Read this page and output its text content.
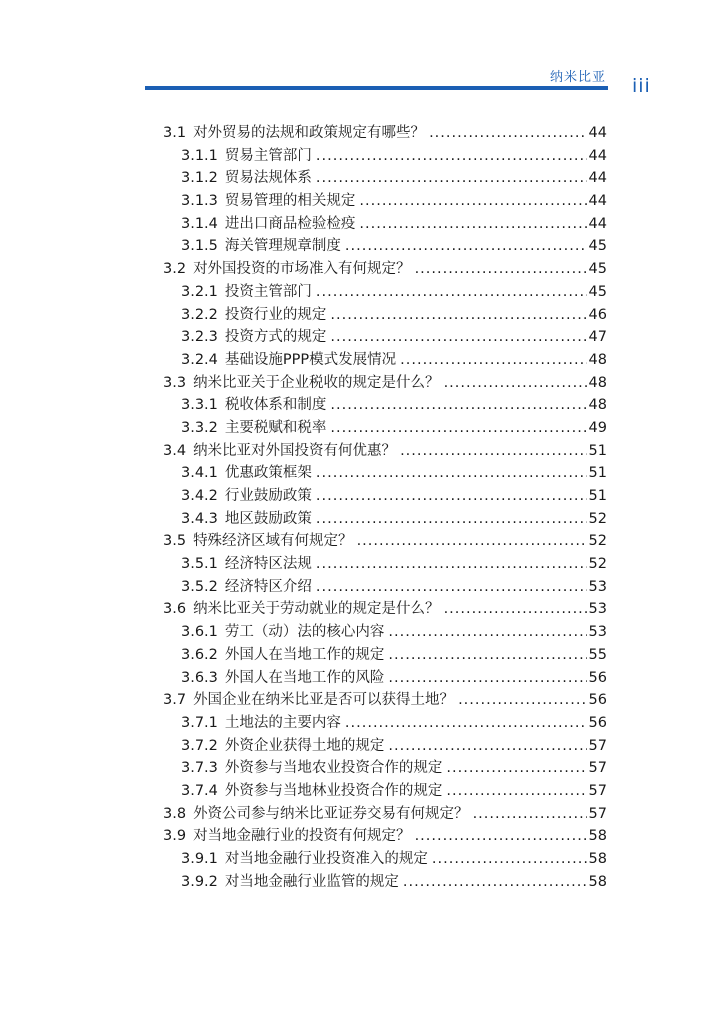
纳米比亚 iii
3.1 对外贸易的法规和政策规定有哪些？ .....	44
3.1.1 贸易主管部门 .....	44
3.1.2 贸易法规体系 .....	44
3.1.3 贸易管理的相关规定 .....	44
3.1.4 进出口商品检验检疫 .....	44
3.1.5 海关管理规章制度 .....	45
3.2 对外国投资的市场准入有何规定？ .....	45
3.2.1 投资主管部门 .....	45
3.2.2 投资行业的规定 .....	46
3.2.3 投资方式的规定 .....	47
3.2.4 基础设施PPP模式发展情况 .....	48
3.3 纳米比亚关于企业税收的规定是什么？ .....	48
3.3.1 税收体系和制度 .....	48
3.3.2 主要税赋和税率 .....	49
3.4 纳米比亚对外国投资有何优惠？ .....	51
3.4.1 优惠政策框架 .....	51
3.4.2 行业鼓励政策 .....	51
3.4.3 地区鼓励政策 .....	52
3.5 特殊经济区域有何规定？ .....	52
3.5.1 经济特区法规 .....	52
3.5.2 经济特区介绍 .....	53
3.6 纳米比亚关于劳动就业的规定是什么？ .....	53
3.6.1 劳工（动）法的核心内容 .....	53
3.6.2 外国人在当地工作的规定 .....	55
3.6.3 外国人在当地工作的风险 .....	56
3.7 外国企业在纳米比亚是否可以获得土地？ .....	56
3.7.1 土地法的主要内容 .....	56
3.7.2 外资企业获得土地的规定 .....	57
3.7.3 外资参与当地农业投资合作的规定 .....	57
3.7.4 外资参与当地林业投资合作的规定 .....	57
3.8 外资公司参与纳米比亚证券交易有何规定？ .....	57
3.9 对当地金融行业的投资有何规定？ .....	58
3.9.1 对当地金融行业投资准入的规定 .....	58
3.9.2 对当地金融行业监管的规定 .....	58
